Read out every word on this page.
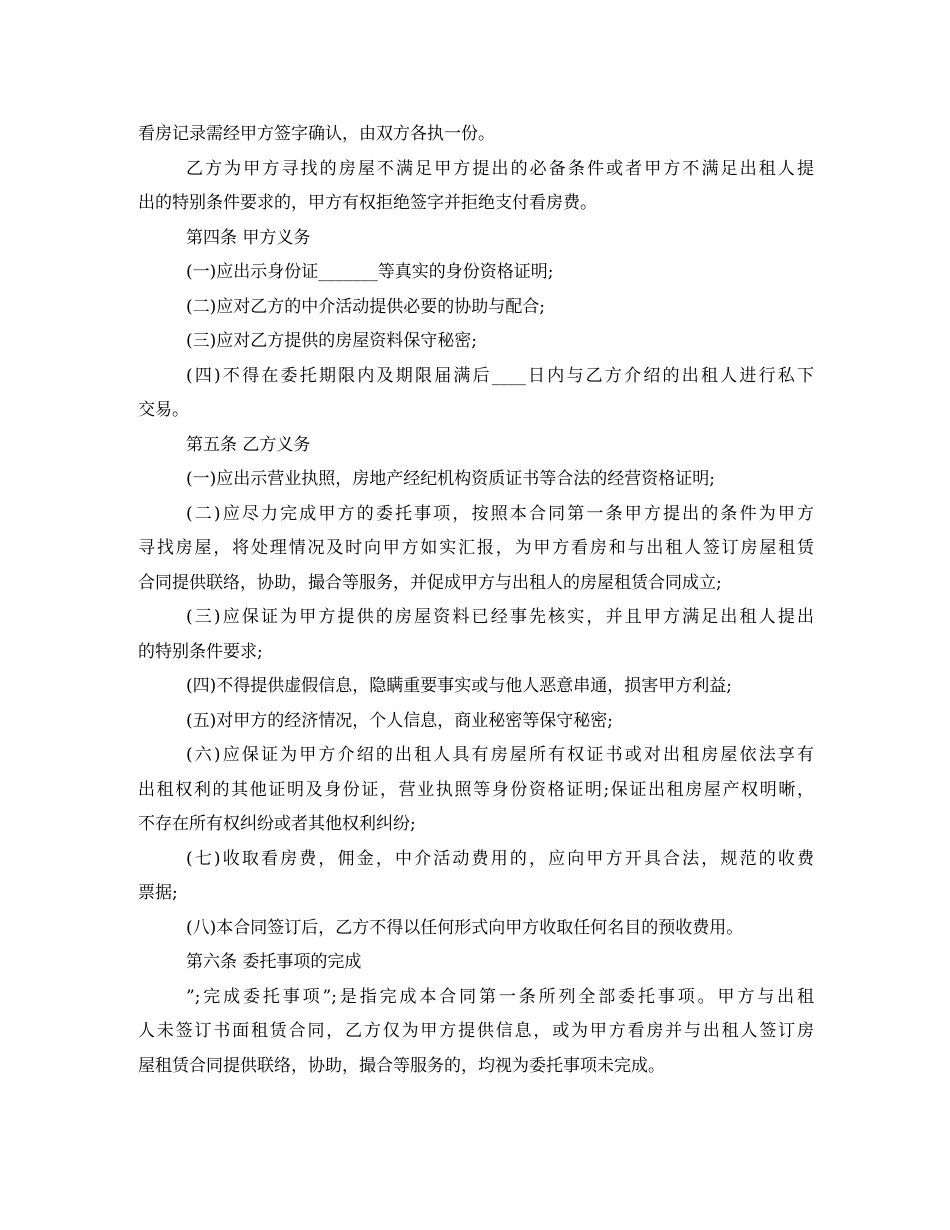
看房记录需经甲方签字确认，由双方各执一份。
乙方为甲方寻找的房屋不满足甲方提出的必备条件或者甲方不满足出租人提
出的特别条件要求的，甲方有权拒绝签字并拒绝支付看房费。
第四条 甲方义务
(一)应出示身份证_______等真实的身份资格证明;
(二)应对乙方的中介活动提供必要的协助与配合;
(三)应对乙方提供的房屋资料保守秘密;
(四)不得在委托期限内及期限届满后____日内与乙方介绍的出租人进行私下
交易。
第五条 乙方义务
(一)应出示营业执照，房地产经纪机构资质证书等合法的经营资格证明;
(二)应尽力完成甲方的委托事项，按照本合同第一条甲方提出的条件为甲方
寻找房屋，将处理情况及时向甲方如实汇报，为甲方看房和与出租人签订房屋租赁
合同提供联络，协助，撮合等服务，并促成甲方与出租人的房屋租赁合同成立;
(三)应保证为甲方提供的房屋资料已经事先核实，并且甲方满足出租人提出
的特别条件要求;
(四)不得提供虚假信息，隐瞒重要事实或与他人恶意串通，损害甲方利益;
(五)对甲方的经济情况，个人信息，商业秘密等保守秘密;
(六)应保证为甲方介绍的出租人具有房屋所有权证书或对出租房屋依法享有
出租权利的其他证明及身份证，营业执照等身份资格证明;保证出租房屋产权明晰，
不存在所有权纠纷或者其他权利纠纷;
(七)收取看房费，佣金，中介活动费用的，应向甲方开具合法，规范的收费
票据;
(八)本合同签订后，乙方不得以任何形式向甲方收取任何名目的预收费用。
第六条 委托事项的完成
”;完成委托事项”;是指完成本合同第一条所列全部委托事项。甲方与出租
人未签订书面租赁合同，乙方仅为甲方提供信息，或为甲方看房并与出租人签订房
屋租赁合同提供联络，协助，撮合等服务的，均视为委托事项未完成。
